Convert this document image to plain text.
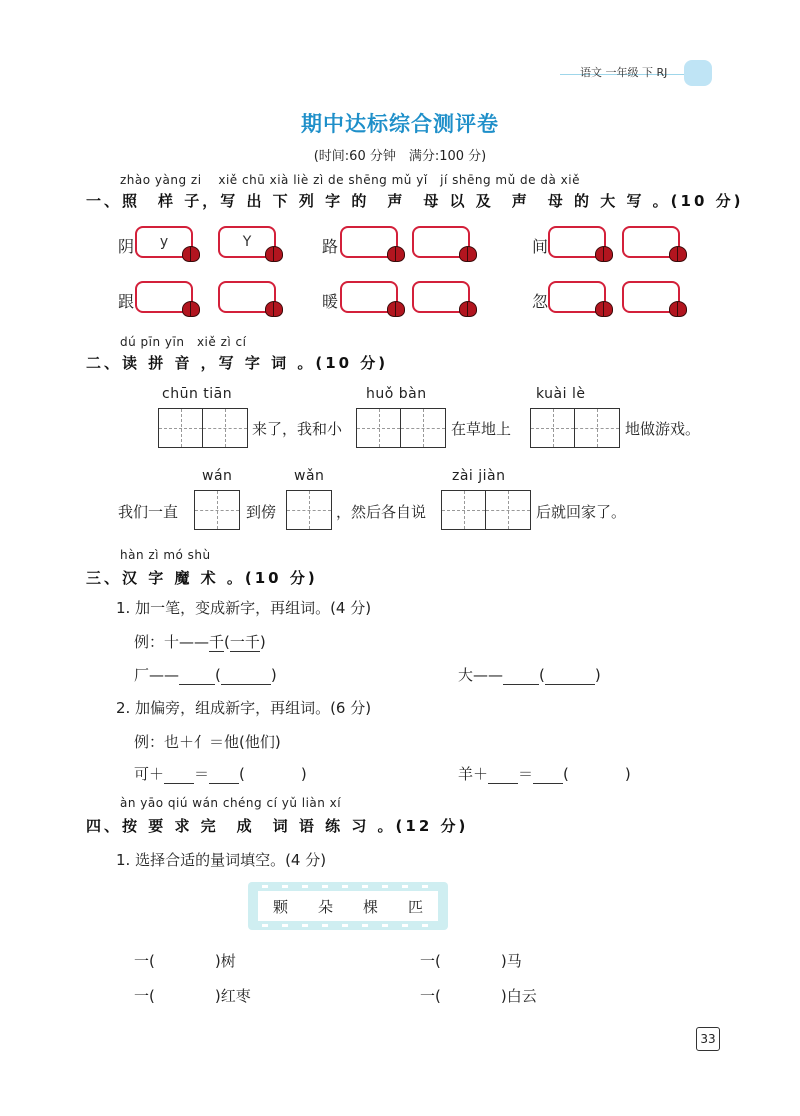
语文 一年级 下 RJ
期中达标综合测评卷
(时间:60 分钟　满分:100 分)
zhào yàng zi　 xiě chū xià liè zì de shēng mǔ yǐ　jí shēng mǔ de dà xiě
一、照　样 子，写 出 下 列 字 的　声　母 以 及　声　母 的 大 写 。(10 分)
阴	y	Y	路	间
跟	暖	忽
dú pīn yīn　xiě zì cí
二、读 拼 音 ，写 字 词 。(10 分)
chūn tiān
来了，我和小
huǒ bàn
在草地上
kuài lè
地做游戏。
我们一直
wán
到傍
wǎn
，然后各自说
zài jiàn
后就回家了。
hàn zì mó shù
三、汉 字 魔 术 。(10 分)
1. 加一笔，变成新字，再组词。(4 分)
例：十——千(一千)
厂—— (	)	大—— (	)
2. 加偏旁，组成新字，再组词。(6 分)
例：也＋亻＝他(他们)
可＋ ＝ (	)	羊＋ ＝ (	)
àn yāo qiú wán chéng cí yǔ liàn xí
四、按 要 求 完　成　词 语 练 习 。(12 分)
1. 选择合适的量词填空。(4 分)
颗 朵 棵 匹
一(　　　　)树	一(　　　　)马
一(　　　　)红枣	一(　　　　)白云
33
